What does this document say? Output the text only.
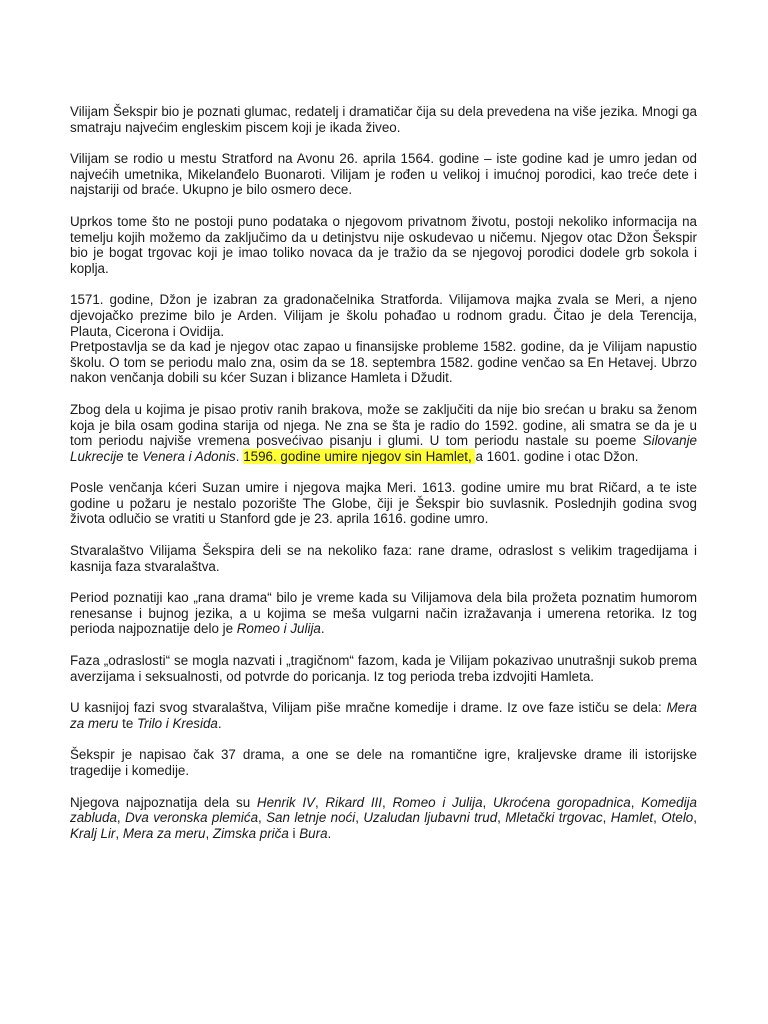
Vilijam Šekspir bio je poznati glumac, redatelj i dramatičar čija su dela prevedena na više jezika. Mnogi ga smatraju najvećim engleskim piscem koji je ikada živeo.

Vilijam se rodio u mestu Stratford na Avonu 26. aprila 1564. godine – iste godine kad je umro jedan od najvećih umetnika, Mikelanđelo Buonaroti. Vilijam je rođen u velikoj i imućnoj porodici, kao treće dete i najstariji od braće. Ukupno je bilo osmero dece.

Uprkos tome što ne postoji puno podataka o njegovom privatnom životu, postoji nekoliko informacija na temelju kojih možemo da zaključimo da u detinjstvu nije oskudevao u ničemu. Njegov otac Džon Šekspir bio je bogat trgovac koji je imao toliko novaca da je tražio da se njegovoj porodici dodele grb sokola i koplja.

1571. godine, Džon je izabran za gradonačelnika Stratforda. Vilijamova majka zvala se Meri, a njeno djevojačko prezime bilo je Arden. Vilijam je školu pohađao u rodnom gradu. Čitao je dela Terencija, Plauta, Cicerona i Ovidija.

Pretpostavlja se da kad je njegov otac zapao u finansijske probleme 1582. godine, da je Vilijam napustio školu. O tom se periodu malo zna, osim da se 18. septembra 1582. godine venčao sa En Hetavej. Ubrzo nakon venčanja dobili su kćer Suzan i blizance Hamleta i Džudit.

Zbog dela u kojima je pisao protiv ranih brakova, može se zaključiti da nije bio srećan u braku sa ženom koja je bila osam godina starija od njega. Ne zna se šta je radio do 1592. godine, ali smatra se da je u tom periodu najviše vremena posvećivao pisanju i glumi. U tom periodu nastale su poeme Silovanje Lukrecije te Venera i Adonis. 1596. godine umire njegov sin Hamlet, a 1601. godine i otac Džon.

Posle venčanja kćeri Suzan umire i njegova majka Meri. 1613. godine umire mu brat Ričard, a te iste godine u požaru je nestalo pozorište The Globe, čiji je Šekspir bio suvlasnik. Poslednjih godina svog života odlučio se vratiti u Stanford gde je 23. aprila 1616. godine umro.

Stvaralaštvo Vilijama Šekspira deli se na nekoliko faza: rane drame, odraslost s velikim tragedijama i kasnija faza stvaralaštva.

Period poznatiji kao „rana drama“ bilo je vreme kada su Vilijamova dela bila prožeta poznatim humorom renesanse i bujnog jezika, a u kojima se meša vulgarni način izražavanja i umerena retorika. Iz tog perioda najpoznatije delo je Romeo i Julija.

Faza „odraslosti“ se mogla nazvati i „tragičnom“ fazom, kada je Vilijam pokazivao unutrašnji sukob prema averzijama i seksualnosti, od potvrde do poricanja. Iz tog perioda treba izdvojiti Hamleta.

U kasnijoj fazi svog stvaralaštva, Vilijam piše mračne komedije i drame. Iz ove faze ističu se dela: Mera za meru te Trilo i Kresida.

Šekspir je napisao čak 37 drama, a one se dele na romantične igre, kraljevske drame ili istorijske tragedije i komedije.

Njegova najpoznatija dela su Henrik IV, Rikard III, Romeo i Julija, Ukroćena goropadnica, Komedija zabluda, Dva veronska plemića, San letnje noći, Uzaludan ljubavni trud, Mletački trgovac, Hamlet, Otelo, Kralj Lir, Mera za meru, Zimska priča i Bura.
